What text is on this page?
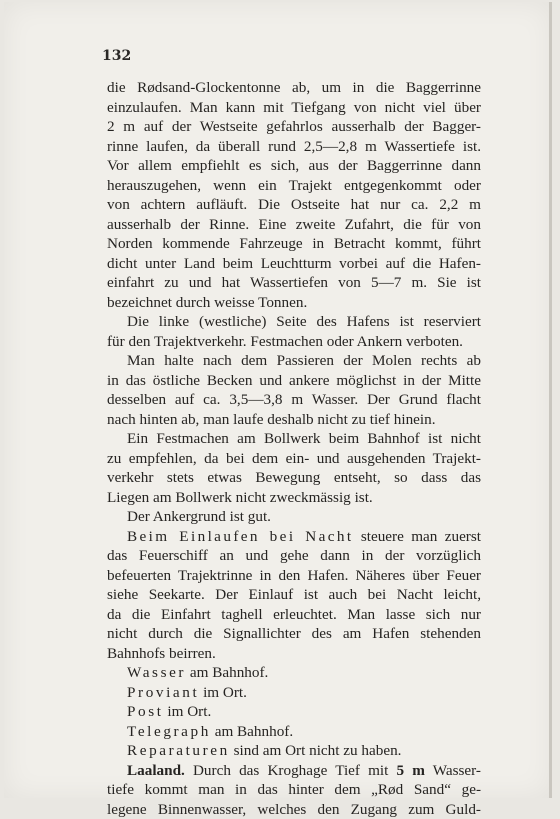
132

die Rødsand-Glockentonne ab, um in die Baggerrinne
einzulaufen. Man kann mit Tiefgang von nicht viel über
2 m auf der Westseite gefahrlos ausserhalb der Bagger-
rinne laufen, da überall rund 2,5—2,8 m Wassertiefe ist.
Vor allem empfiehlt es sich, aus der Baggerrinne dann
herauszugehen, wenn ein Trajekt entgegenkommt oder
von achtern aufläuft. Die Ostseite hat nur ca. 2,2 m
ausserhalb der Rinne. Eine zweite Zufahrt, die für von
Norden kommende Fahrzeuge in Betracht kommt, führt
dicht unter Land beim Leuchtturm vorbei auf die Hafen-
einfahrt zu und hat Wassertiefen von 5—7 m. Sie ist
bezeichnet durch weisse Tonnen.

Die linke (westliche) Seite des Hafens ist reserviert
für den Trajektverkehr. Festmachen oder Ankern verboten.

Man halte nach dem Passieren der Molen rechts ab
in das östliche Becken und ankere möglichst in der Mitte
desselben auf ca. 3,5—3,8 m Wasser. Der Grund flacht
nach hinten ab, man laufe deshalb nicht zu tief hinein.

Ein Festmachen am Bollwerk beim Bahnhof ist nicht
zu empfehlen, da bei dem ein- und ausgehenden Trajekt-
verkehr stets etwas Bewegung entseht, so dass das
Liegen am Bollwerk nicht zweckmässig ist.

Der Ankergrund ist gut.

Beim Einlaufen bei Nacht steuere man zuerst
das Feuerschiff an und gehe dann in der vorzüglich
befeuerten Trajektrinne in den Hafen. Näheres über Feuer
siehe Seekarte. Der Einlauf ist auch bei Nacht leicht,
da die Einfahrt taghell erleuchtet. Man lasse sich nur
nicht durch die Signallichter des am Hafen stehenden
Bahnhofs beirren.

Wasser am Bahnhof.
Proviant im Ort.
Post im Ort.
Telegraph am Bahnhof.
Reparaturen sind am Ort nicht zu haben.

Laaland. Durch das Kroghage Tief mit 5 m Wasser-
tiefe kommt man in das hinter dem „Rød Sand“ ge-
legene Binnenwasser, welches den Zugang zum Guld-
